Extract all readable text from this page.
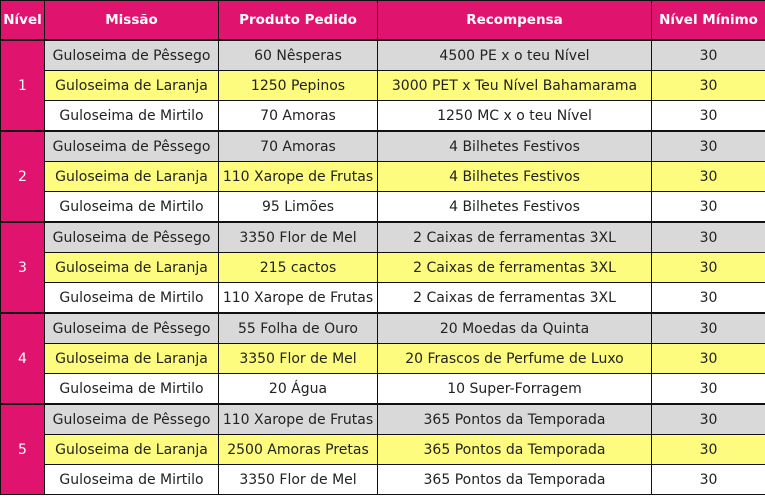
Nível	Missão	Produto Pedido	Recompensa	Nível Mínimo
1	Guloseima de Pêssego	60 Nêsperas	4500 PE x o teu Nível	30
	Guloseima de Laranja	1250 Pepinos	3000 PET x Teu Nível Bahamarama	30
	Guloseima de Mirtilo	70 Amoras	1250 MC x o teu Nível	30
2	Guloseima de Pêssego	70 Amoras	4 Bilhetes Festivos	30
	Guloseima de Laranja	110 Xarope de Frutas	4 Bilhetes Festivos	30
	Guloseima de Mirtilo	95 Limões	4 Bilhetes Festivos	30
3	Guloseima de Pêssego	3350 Flor de Mel	2 Caixas de ferramentas 3XL	30
	Guloseima de Laranja	215 cactos	2 Caixas de ferramentas 3XL	30
	Guloseima de Mirtilo	110 Xarope de Frutas	2 Caixas de ferramentas 3XL	30
4	Guloseima de Pêssego	55 Folha de Ouro	20 Moedas da Quinta	30
	Guloseima de Laranja	3350 Flor de Mel	20 Frascos de Perfume de Luxo	30
	Guloseima de Mirtilo	20 Água	10 Super-Forragem	30
5	Guloseima de Pêssego	110 Xarope de Frutas	365 Pontos da Temporada	30
	Guloseima de Laranja	2500 Amoras Pretas	365 Pontos da Temporada	30
	Guloseima de Mirtilo	3350 Flor de Mel	365 Pontos da Temporada	30
